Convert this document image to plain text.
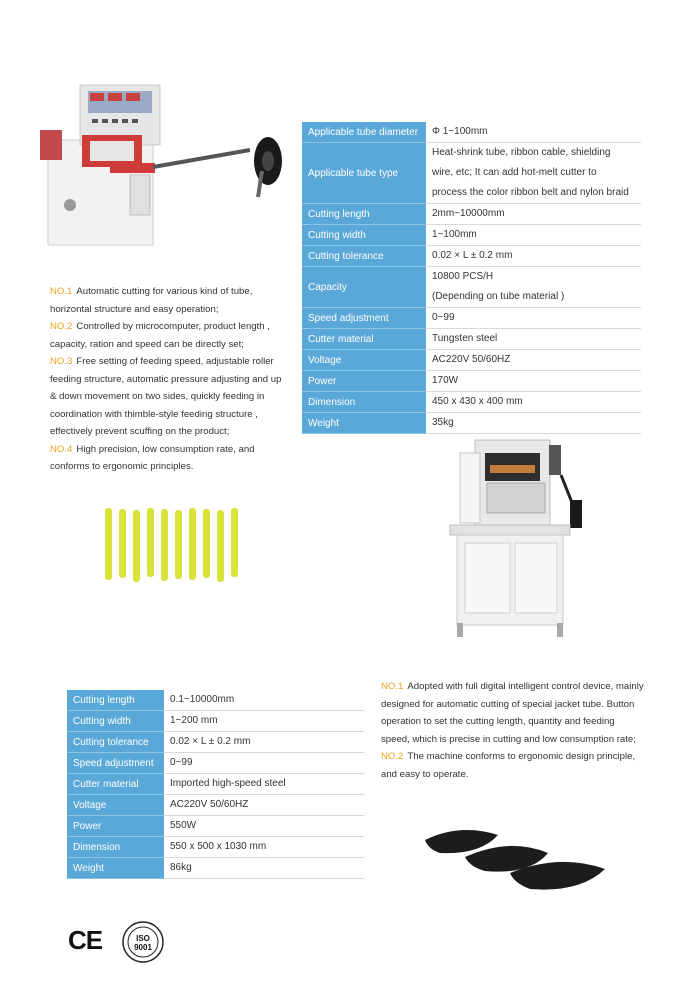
Applicable tube diameter	Φ 1~100mm

Applicable tube type	Heat-shrink tube, ribbon cable, shielding
wire, etc; It can add hot-melt cutter to
process the color ribbon belt and nylon braid

Cutting length	2mm~10000mm

Cutting width	1~100mm

Cutting tolerance	0.02 × L ± 0.2 mm

Capacity	10800 PCS/H
(Depending on tube material )

Speed adjustment	0~99

Cutter material	Tungsten steel

Voltage	AC220V 50/60HZ

Power	170W

Dimension	450 x 430 x 400 mm

Weight	35kg

NO.1 Automatic cutting for various kind of tube, horizontal structure and easy operation;

NO.2 Controlled by microcomputer, product length , capacity, ration and speed can be directly set;

NO.3 Free setting of feeding speed, adjustable roller feeding structure, automatic pressure adjusting and up & down movement on two sides, quickly feeding in coordination with thimble-style feeding structure , effectively prevent scuffing on the product;

NO.4 High precision, low consumption rate, and conforms to ergonomic principles.

Cutting length	0.1~10000mm

Cutting width	1~200 mm

Cutting tolerance	0.02 × L ± 0.2 mm

Speed adjustment	0~99

Cutter material	Imported high-speed steel

Voltage	AC220V 50/60HZ

Power	550W

Dimension	550 x 500 x 1030 mm

Weight	86kg

NO.1 Adopted with full digital intelligent control device, mainly designed for automatic cutting of special jacket tube. Button operation to set the cutting length, quantity and feeding speed, which is precise in cutting and low consumption rate;

NO.2 The machine conforms to ergonomic design principle, and easy to operate.

CE	ISO
9001
